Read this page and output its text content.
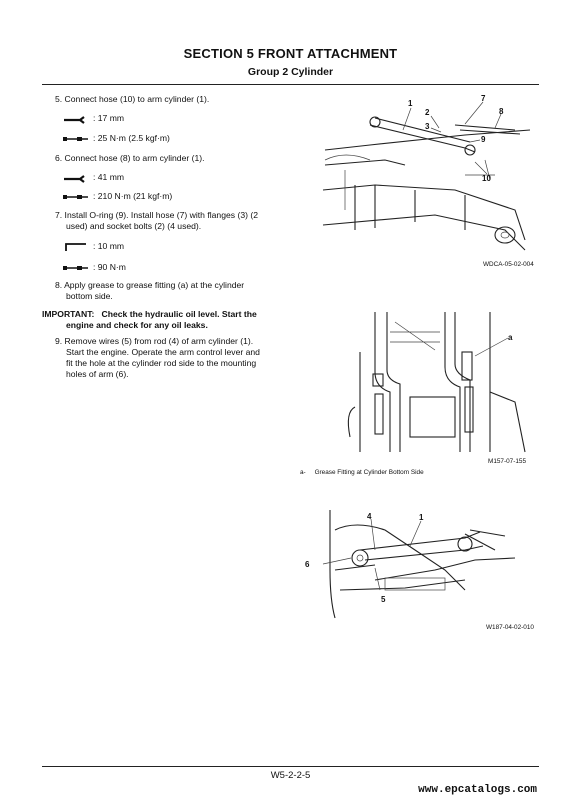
SECTION 5 FRONT ATTACHMENT
Group 2 Cylinder
5. Connect hose (10) to arm cylinder (1).
: 17 mm
: 25 N·m (2.5 kgf·m)
6. Connect hose (8) to arm cylinder (1).
: 41 mm
: 210 N·m (21 kgf·m)
7. Install O-ring (9). Install hose (7) with flanges (3) (2
used) and socket bolts (2) (4 used).
: 10 mm
: 90 N·m
8. Apply grease to grease fitting (a) at the cylinder
bottom side.
IMPORTANT: Check the hydraulic oil level. Start the
engine and check for any oil leaks.
9. Remove wires (5) from rod (4) of arm cylinder (1).
Start the engine. Operate the arm control lever and
fit the hole at the cylinder rod side to the mounting
holes of arm (6).
1
2
3
7
8
9
10
WDCA-05-02-004
a
M157-07-155
a- Grease Fitting at Cylinder Bottom Side
1
4
5
6
W187-04-02-010
W5-2-2-5
www.epcatalogs.com
